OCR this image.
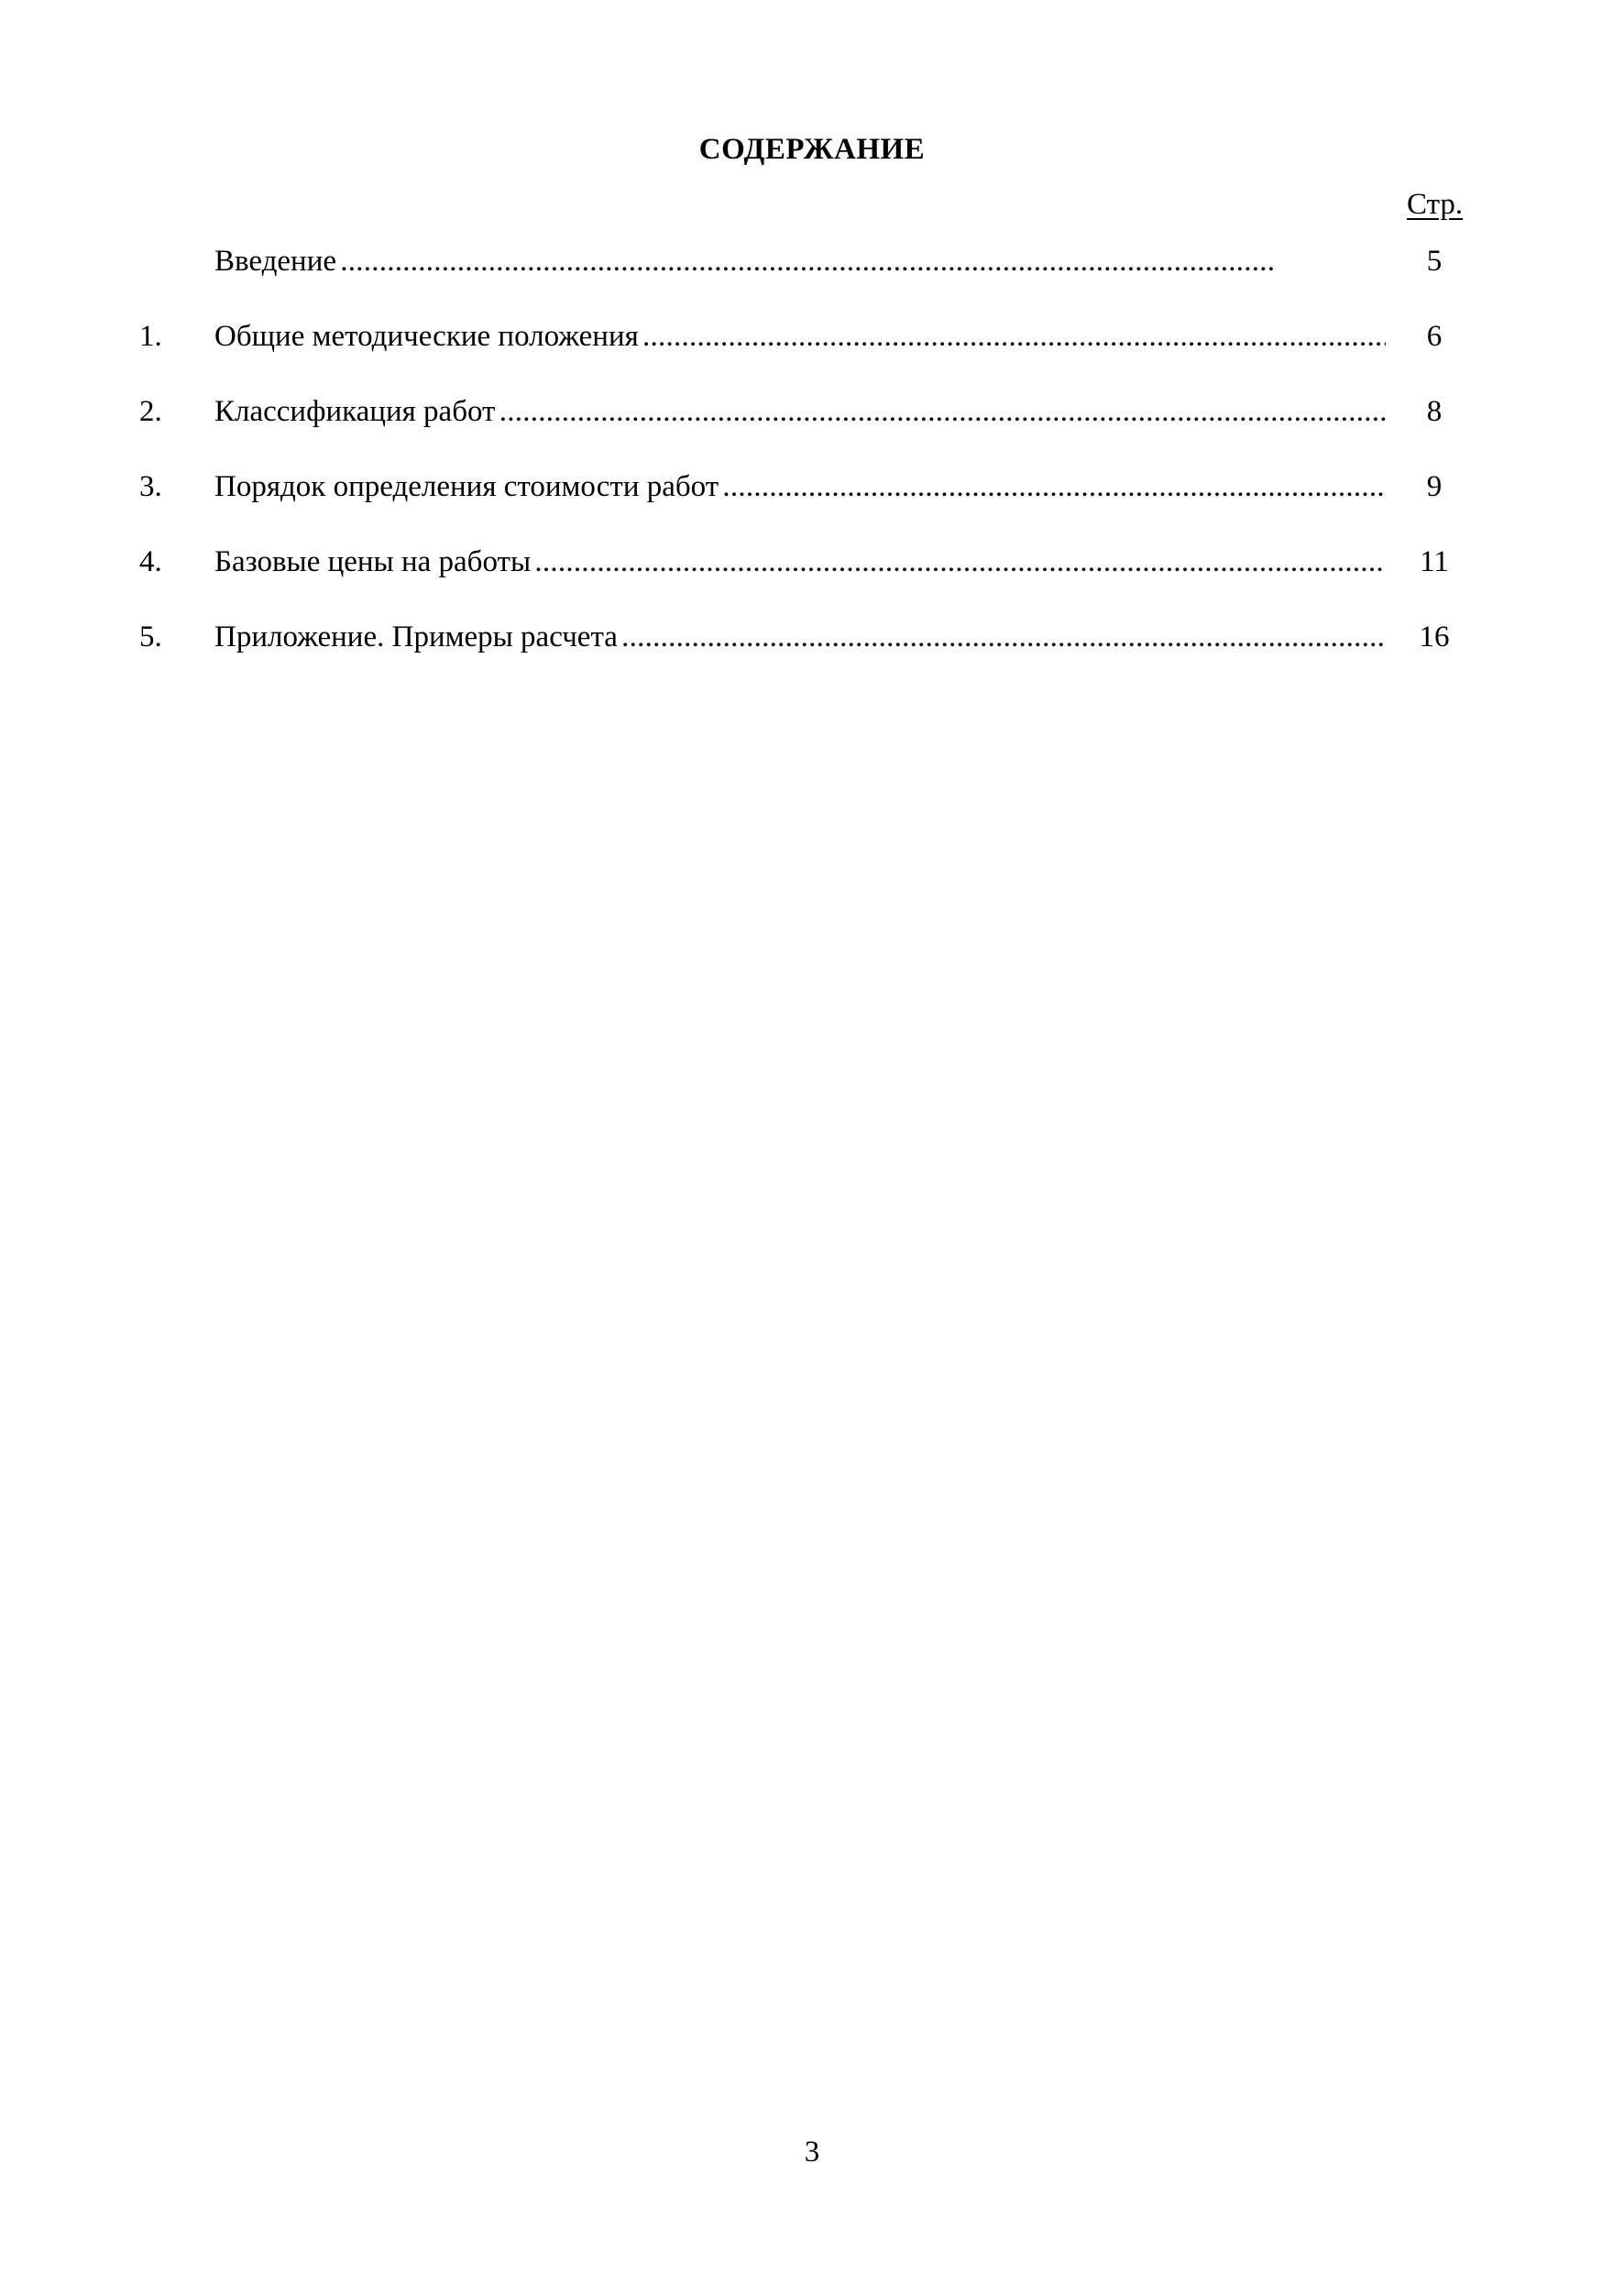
СОДЕРЖАНИЕ
Стр.
Введение . . .	5
1. Общие методические положения . . .	6
2. Классификация работ . . .	8
3. Порядок определения стоимости работ . . .	9
4. Базовые цены на работы . . .	11
5. Приложение. Примеры расчета . . .	16
3
